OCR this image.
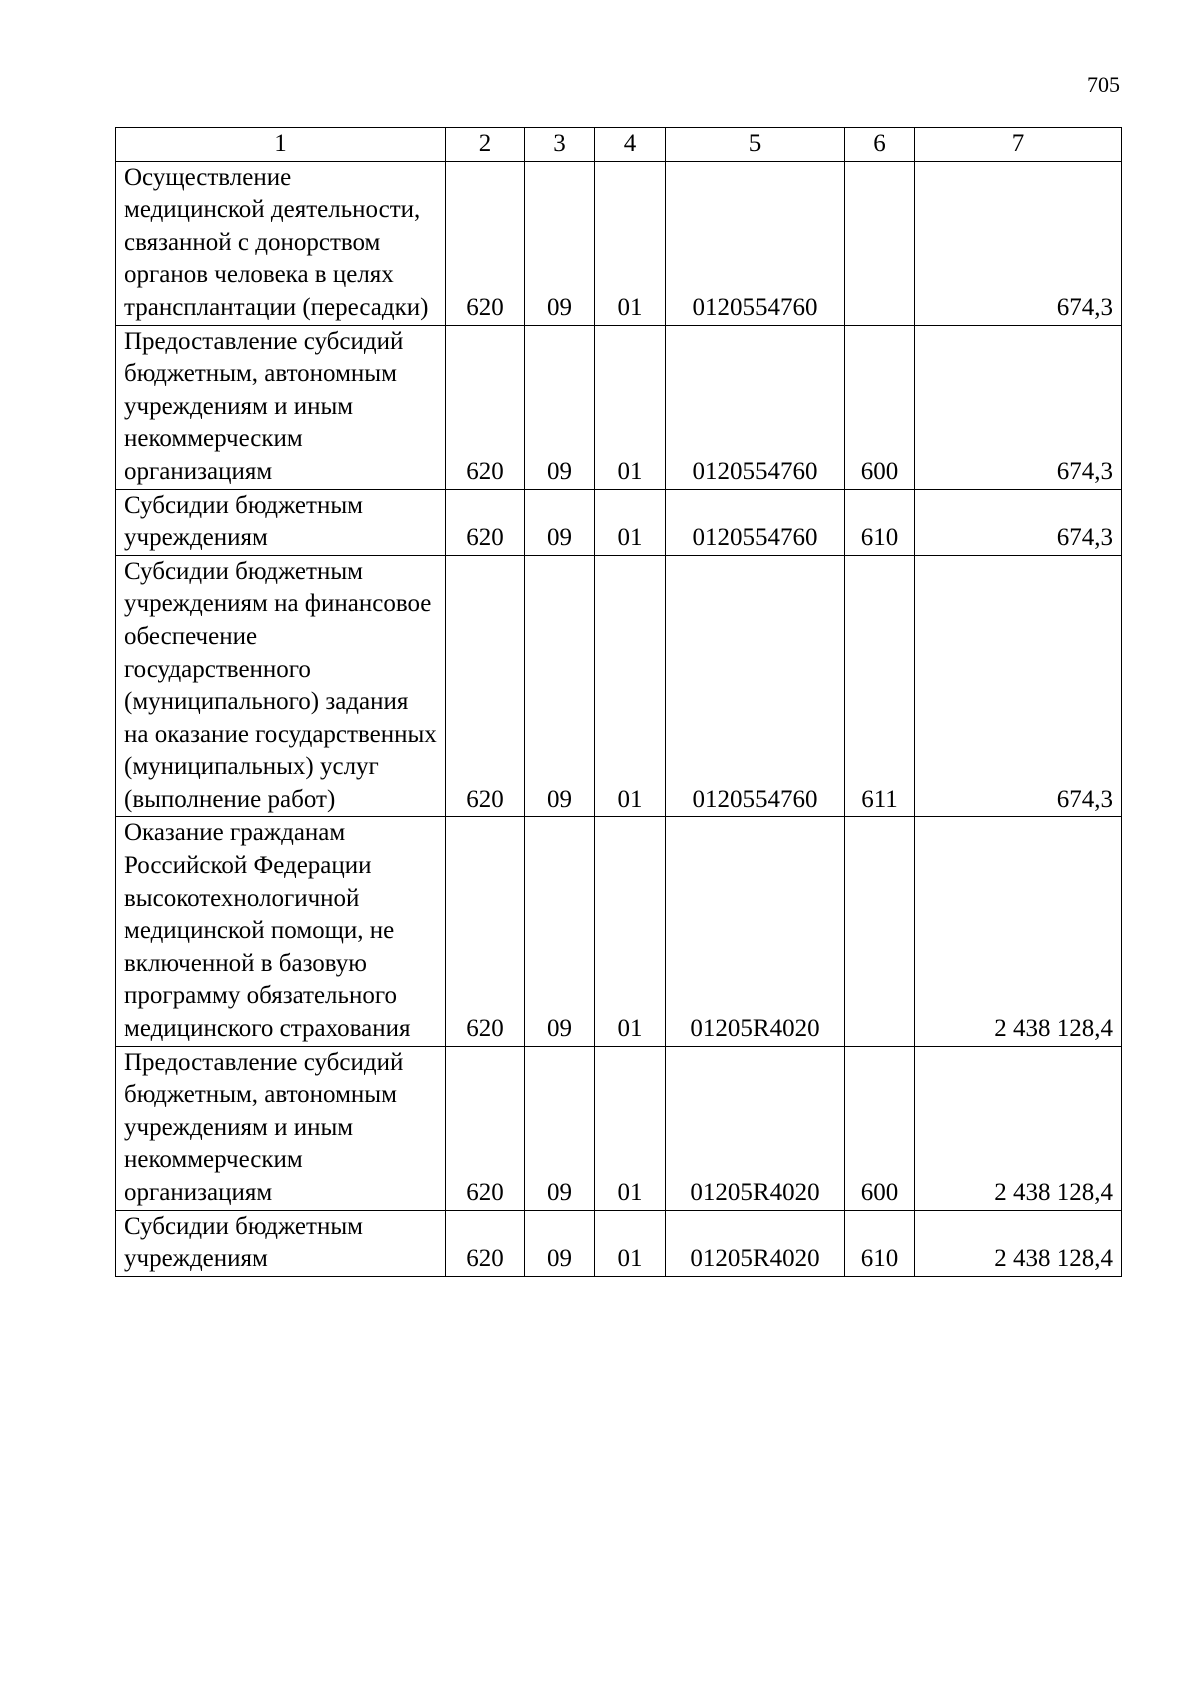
705
1	2	3	4	5	6	7
Осуществление медицинской деятельности, связанной с донорством органов человека в целях трансплантации (пересадки)	620	09	01	0120554760		674,3
Предоставление субсидий бюджетным, автономным учреждениям и иным некоммерческим организациям	620	09	01	0120554760	600	674,3
Субсидии бюджетным учреждениям	620	09	01	0120554760	610	674,3
Субсидии бюджетным учреждениям на финансовое обеспечение государственного (муниципального) задания на оказание государственных (муниципальных) услуг (выполнение работ)	620	09	01	0120554760	611	674,3
Оказание гражданам Российской Федерации высокотехнологичной медицинской помощи, не включенной в базовую программу обязательного медицинского страхования	620	09	01	01205R4020		2 438 128,4
Предоставление субсидий бюджетным, автономным учреждениям и иным некоммерческим организациям	620	09	01	01205R4020	600	2 438 128,4
Субсидии бюджетным учреждениям	620	09	01	01205R4020	610	2 438 128,4
